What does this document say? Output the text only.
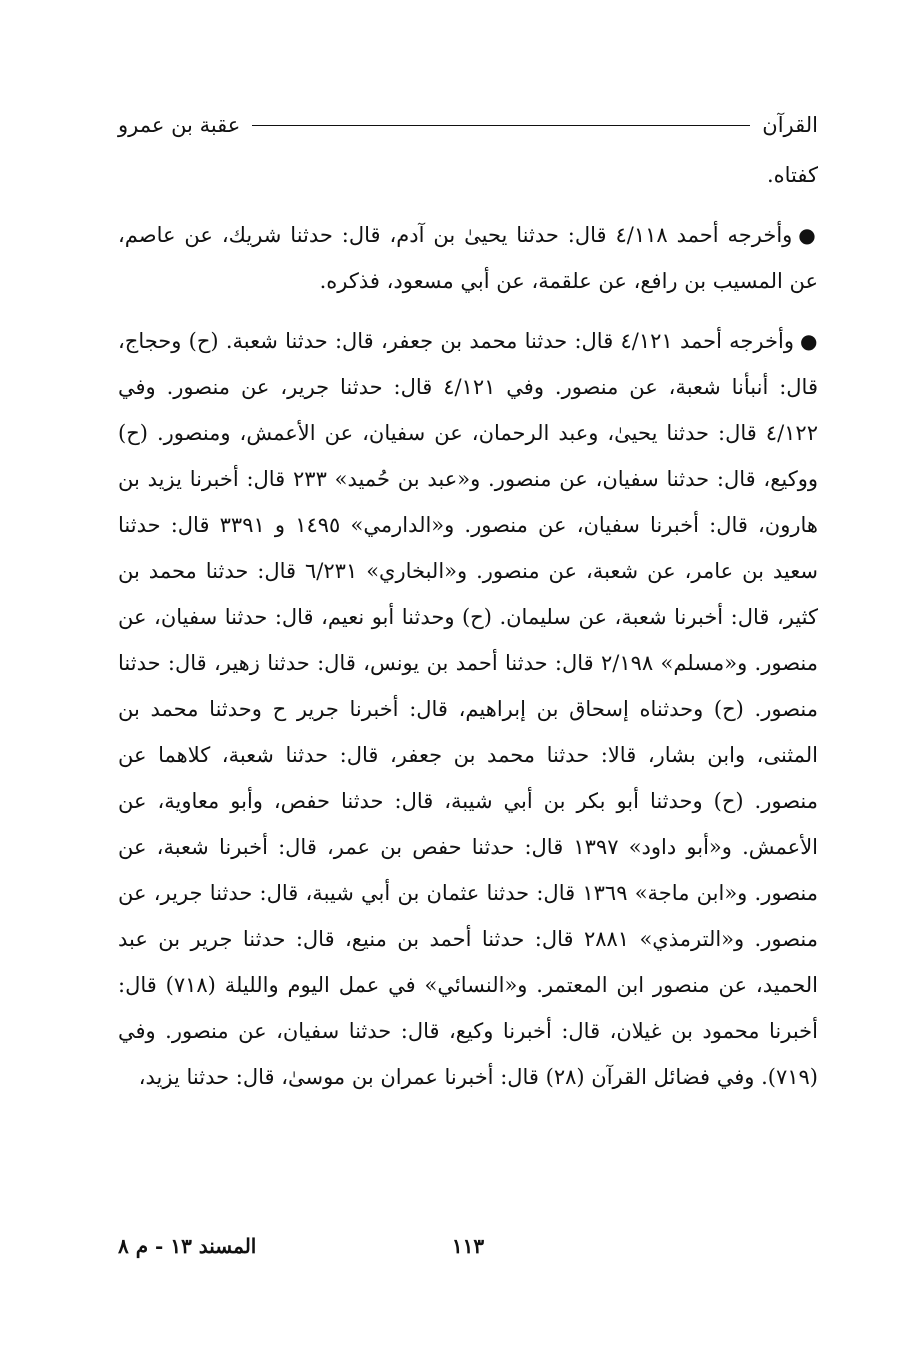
القرآن
عقبة بن عمرو

كفتاه.

●وأخرجه أحمد ٤/١١٨ قال: حدثنا يحيىٰ بن آدم، قال: حدثنا شريك، عن عاصم، عن المسيب بن رافع، عن علقمة، عن أبي مسعود، فذكره.

●وأخرجه أحمد ٤/١٢١ قال: حدثنا محمد بن جعفر، قال: حدثنا شعبة. (ح) وحجاج، قال: أنبأنا شعبة، عن منصور. وفي ٤/١٢١ قال: حدثنا جرير، عن منصور. وفي ٤/١٢٢ قال: حدثنا يحيىٰ، وعبد الرحمان، عن سفيان، عن الأعمش، ومنصور. (ح) ووكيع، قال: حدثنا سفيان، عن منصور. و«عبد بن حُميد» ٢٣٣ قال: أخبرنا يزيد بن هارون، قال: أخبرنا سفيان، عن منصور. و«الدارمي» ١٤٩٥ و ٣٣٩١ قال: حدثنا سعيد بن عامر، عن شعبة، عن منصور. و«البخاري» ٦/٢٣١ قال: حدثنا محمد بن كثير، قال: أخبرنا شعبة، عن سليمان. (ح) وحدثنا أبو نعيم، قال: حدثنا سفيان، عن منصور. و«مسلم» ٢/١٩٨ قال: حدثنا أحمد بن يونس، قال: حدثنا زهير، قال: حدثنا منصور. (ح) وحدثناه إسحاق بن إبراهيم، قال: أخبرنا جرير ح وحدثنا محمد بن المثنى، وابن بشار، قالا: حدثنا محمد بن جعفر، قال: حدثنا شعبة، كلاهما عن منصور. (ح) وحدثنا أبو بكر بن أبي شيبة، قال: حدثنا حفص، وأبو معاوية، عن الأعمش. و«أبو داود» ١٣٩٧ قال: حدثنا حفص بن عمر، قال: أخبرنا شعبة، عن منصور. و«ابن ماجة» ١٣٦٩ قال: حدثنا عثمان بن أبي شيبة، قال: حدثنا جرير، عن منصور. و«الترمذي» ٢٨٨١ قال: حدثنا أحمد بن منيع، قال: حدثنا جرير بن عبد الحميد، عن منصور ابن المعتمر. و«النسائي» في عمل اليوم والليلة (٧١٨) قال: أخبرنا محمود بن غيلان، قال: أخبرنا وكيع، قال: حدثنا سفيان، عن منصور. وفي (٧١٩). وفي فضائل القرآن (٢٨) قال: أخبرنا عمران بن موسىٰ، قال: حدثنا يزيد،

١١٣
المسند ١٣ - م ٨
